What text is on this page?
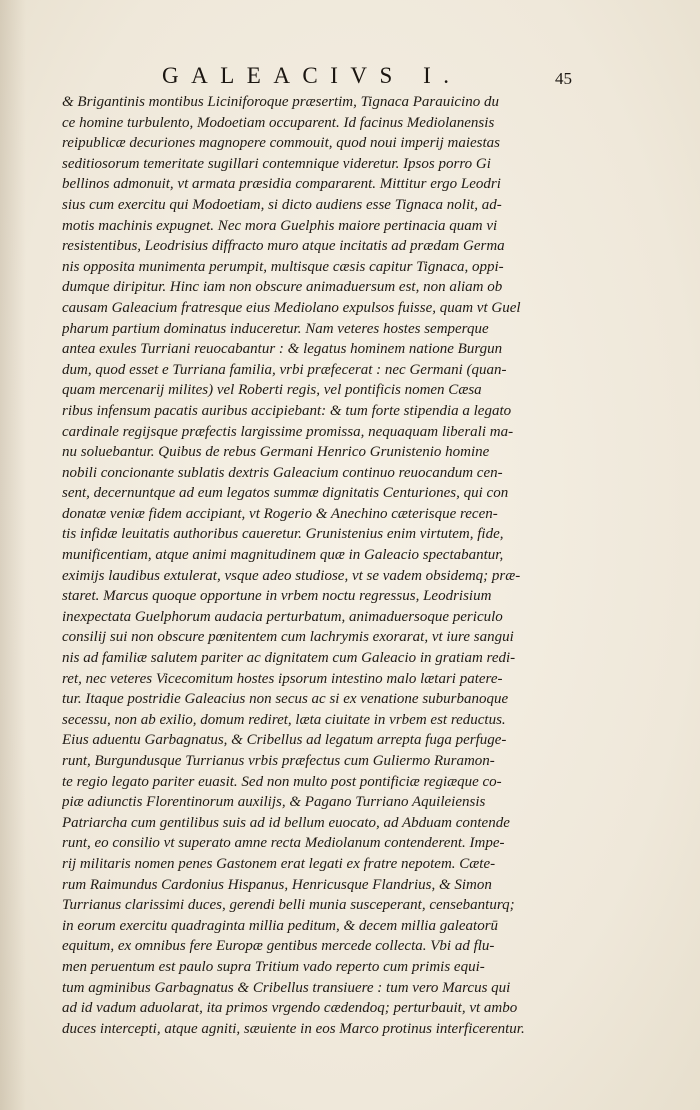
GALEACIVS I.	45
& Brigantinis montibus Liciniforoque præsertim, Tignaca Parauicino du
ce homine turbulento, Modoetiam occuparent. Id facinus Mediolanensis
reipublicæ decuriones magnopere commouit, quod noui imperij maiestas
seditiosorum temeritate sugillari contemnique videretur. Ipsos porro Gi
bellinos admonuit, vt armata præsidia compararent. Mittitur ergo Leodri
sius cum exercitu qui Modoetiam, si dicto audiens esse Tignaca nolit, ad-
motis machinis expugnet. Nec mora Guelphis maiore pertinacia quam vi
resistentibus, Leodrisius diffracto muro atque incitatis ad prædam Germa
nis opposita munimenta perumpit, multisque cæsis capitur Tignaca, oppi-
dumque diripitur. Hinc iam non obscure animaduersum est, non aliam ob
causam Galeacium fratresque eius Mediolano expulsos fuisse, quam vt Guel
pharum partium dominatus induceretur. Nam veteres hostes semperque
antea exules Turriani reuocabantur : & legatus hominem natione Burgun
dum, quod esset e Turriana familia, vrbi præfecerat : nec Germani (quan-
quam mercenarij milites) vel Roberti regis, vel pontificis nomen Cæsa
ribus infensum pacatis auribus accipiebant: & tum forte stipendia a legato
cardinale regijsque præfectis largissime promissa, nequaquam liberali ma-
nu soluebantur. Quibus de rebus Germani Henrico Grunistenio homine
nobili concionante sublatis dextris Galeacium continuo reuocandum cen-
sent, decernuntque ad eum legatos summæ dignitatis Centuriones, qui con
donatæ veniæ fidem accipiant, vt Rogerio & Anechino cæterisque recen-
tis infidæ leuitatis authoribus caueretur. Grunistenius enim virtutem, fide,
munificentiam, atque animi magnitudinem quæ in Galeacio spectabantur,
eximijs laudibus extulerat, vsque adeo studiose, vt se vadem obsidemq; præ-
staret. Marcus quoque opportune in vrbem noctu regressus, Leodrisium
inexpectata Guelphorum audacia perturbatum, animaduersoque periculo
consilij sui non obscure pœnitentem cum lachrymis exorarat, vt iure sangui
nis ad familiæ salutem pariter ac dignitatem cum Galeacio in gratiam redi-
ret, nec veteres Vicecomitum hostes ipsorum intestino malo lætari patere-
tur. Itaque postridie Galeacius non secus ac si ex venatione suburbanoque
secessu, non ab exilio, domum rediret, læta ciuitate in vrbem est reductus.
Eius aduentu Garbagnatus, & Cribellus ad legatum arrepta fuga perfuge-
runt, Burgundusque Turrianus vrbis præfectus cum Guliermo Ruramon-
te regio legato pariter euasit. Sed non multo post pontificiæ regiæque co-
piæ adiunctis Florentinorum auxilijs, & Pagano Turriano Aquileiensis
Patriarcha cum gentilibus suis ad id bellum euocato, ad Abduam contende
runt, eo consilio vt superato amne recta Mediolanum contenderent. Impe-
rij militaris nomen penes Gastonem erat legati ex fratre nepotem. Cæte-
rum Raimundus Cardonius Hispanus, Henricusque Flandrius, & Simon
Turrianus clarissimi duces, gerendi belli munia susceperant, censebanturq;
in eorum exercitu quadraginta millia peditum, & decem millia galeatorū
equitum, ex omnibus fere Europæ gentibus mercede collecta. Vbi ad flu-
men peruentum est paulo supra Tritium vado reperto cum primis equi-
tum agminibus Garbagnatus & Cribellus transiuere : tum vero Marcus qui
ad id vadum aduolarat, ita primos vrgendo cædendoq; perturbauit, vt ambo
duces intercepti, atque agniti, sæuiente in eos Marco protinus interficerentur.
